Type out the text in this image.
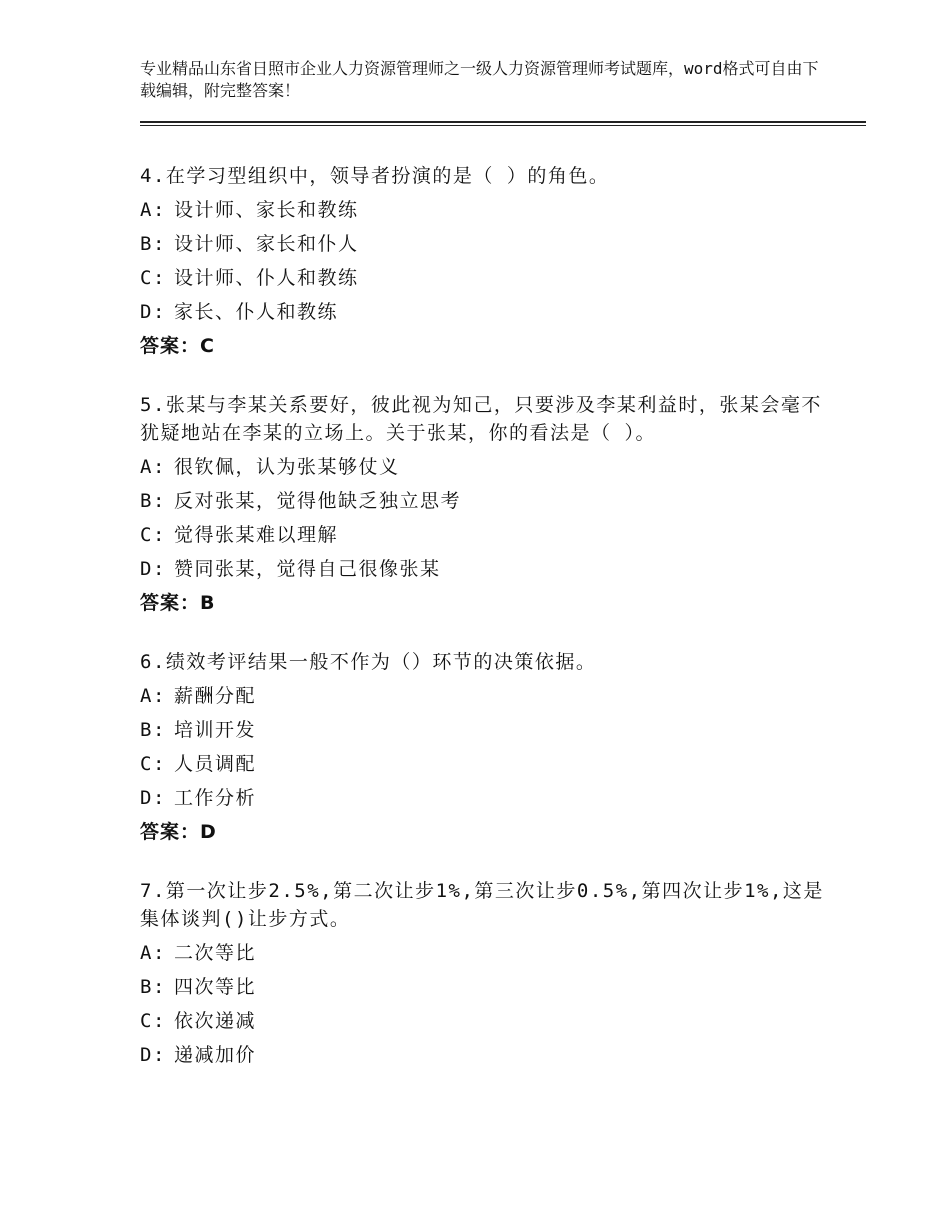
专业精品山东省日照市企业人力资源管理师之一级人力资源管理师考试题库，word格式可自由下载编辑，附完整答案！

4.在学习型组织中，领导者扮演的是（ ）的角色。

A: 设计师、家长和教练

B: 设计师、家长和仆人

C: 设计师、仆人和教练

D: 家长、仆人和教练

答案：C

5.张某与李某关系要好，彼此视为知己，只要涉及李某利益时，张某会毫不犹疑地站在李某的立场上。关于张某，你的看法是（ ）。

A: 很钦佩，认为张某够仗义

B: 反对张某，觉得他缺乏独立思考

C: 觉得张某难以理解

D: 赞同张某，觉得自己很像张某

答案：B

6.绩效考评结果一般不作为（）环节的决策依据。

A: 薪酬分配

B: 培训开发

C: 人员调配

D: 工作分析

答案：D

7.第一次让步2.5%,第二次让步1%,第三次让步0.5%,第四次让步1%,这是集体谈判()让步方式。

A: 二次等比

B: 四次等比

C: 依次递减

D: 递减加价
